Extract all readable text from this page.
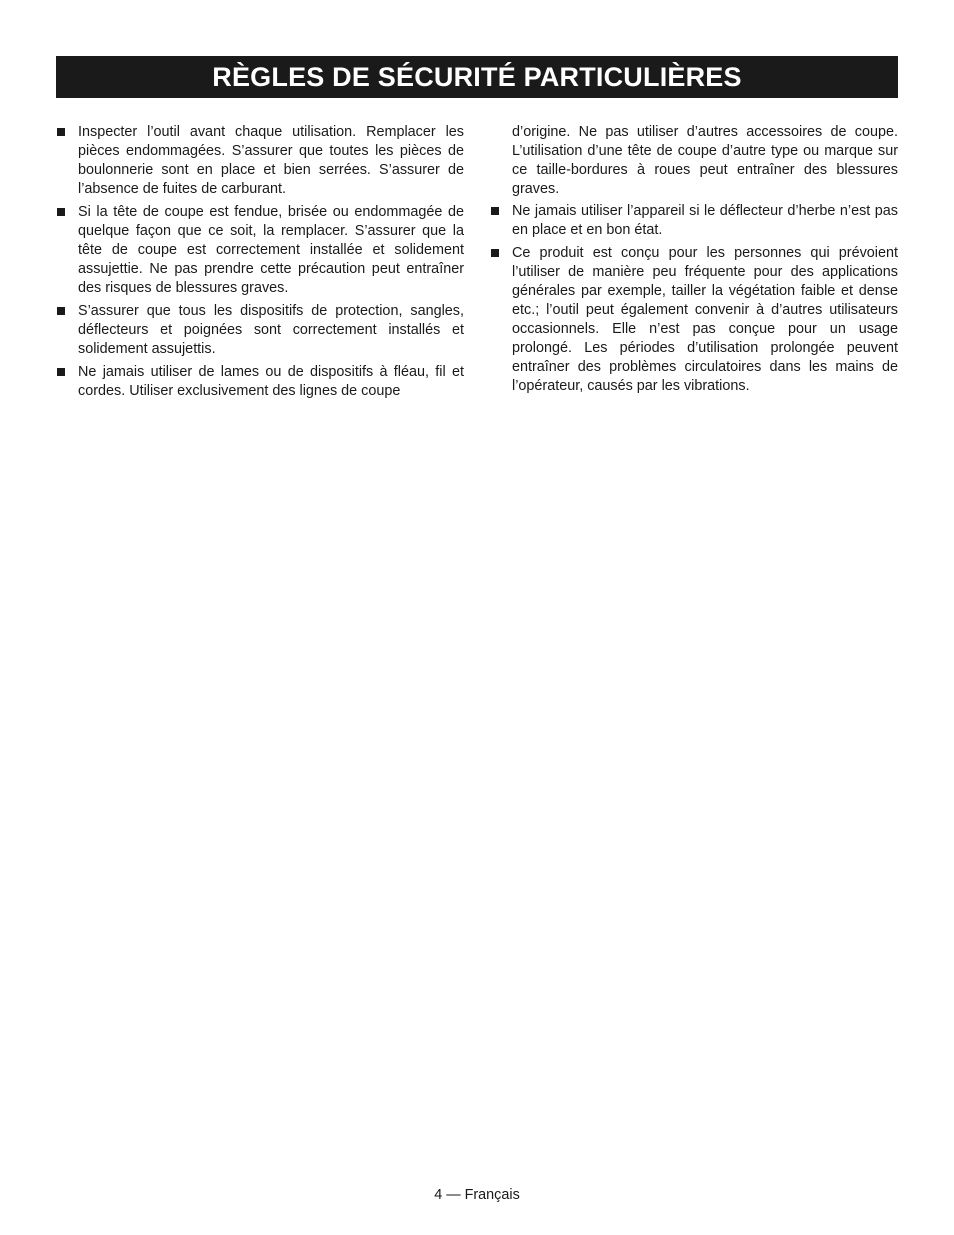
RÈGLES DE SÉCURITÉ PARTICULIÈRES
Inspecter l’outil avant chaque utilisation. Remplacer les pièces endommagées. S’assurer que toutes les pièces de boulonnerie sont en place et bien serrées. S’assurer de l’absence de fuites de carburant.
Si la tête de coupe est fendue, brisée ou endommagée de quelque façon que ce soit, la remplacer. S’assurer que la tête de coupe est correctement installée et solidement assujettie. Ne pas prendre cette précaution peut entraîner des risques de blessures graves.
S’assurer que tous les dispositifs de protection, sangles, déflecteurs et poignées sont correctement installés et solidement assujettis.
Ne jamais utiliser de lames ou de dispositifs à fléau, fil et cordes. Utiliser exclusivement des lignes de coupe
d’origine. Ne pas utiliser d’autres accessoires de coupe. L’utilisation d’une tête de coupe d’autre type ou marque sur ce taille-bordures à roues peut entraîner des blessures graves.
Ne jamais utiliser l’appareil si le déflecteur d’herbe n’est pas en place et en bon état.
Ce produit est conçu pour les personnes qui prévoient l’utiliser de manière peu fréquente pour des applications générales par exemple, tailler la végétation faible et dense etc.; l’outil peut également convenir à d’autres utilisateurs occasionnels. Elle n’est pas conçue pour un usage prolongé. Les périodes d’utilisation prolongée peuvent entraîner des problèmes circulatoires dans les mains de l’opérateur, causés par les vibrations.
4 — Français
